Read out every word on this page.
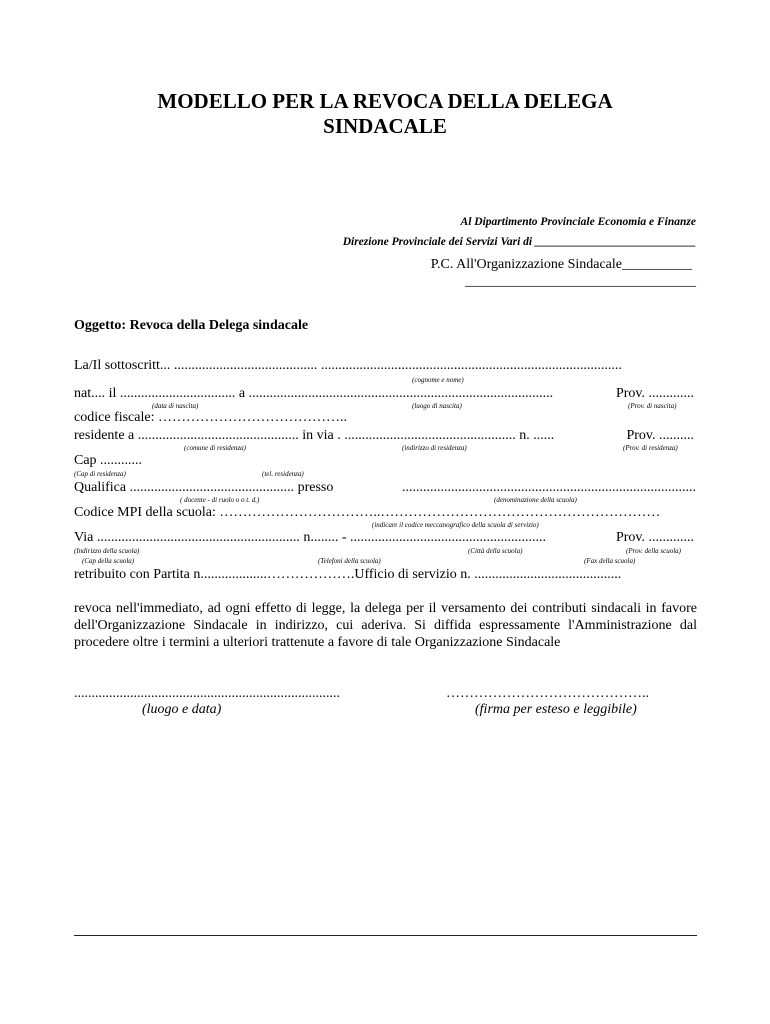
MODELLO PER LA REVOCA DELLA DELEGA
SINDACALE
Al Dipartimento Provinciale Economia e Finanze
Direzione Provinciale dei Servizi Vari di ____________________________
P.C. All'Organizzazione Sindacale__________
_________________________________
Oggetto: Revoca della Delega sindacale
La/Il sottoscritt... ......................................... ......................................................................................
(cognome e nome)
nat.... il ................................. a .......................................................................................	Prov. .............
(data di nascita)	(luogo di nascita)	(Prov. di nascita)
codice fiscale: …………………………………..
residente a .............................................. in via . ................................................. n. ......	Prov. ..........
(comune di residenza)	(indirizzo di residenza)	(Prov. di residenza)
Cap ............
(Cap di residenza)	(tel. residenza)
Qualifica ............................................... presso	....................................................................................
( docente - di ruolo o o t. d.)	(denominazione della scuola)
Codice MPI della scuola: ……………………………..……………………………………………………
(indicare il codice meccanografico della scuola di servizio)
Via .......................................................... n........ - ........................................................	Prov. .............
(Indirizzo della scuola)	(Città della scuola)	(Prov. della scuola)
(Cap della scuola)	(Telefoni della scuola)	(Fax della scuola)
retribuito con Partita n...................……………….Ufficio di servizio n. ..........................................
revoca nell'immediato, ad ogni effetto di legge, la delega per il versamento dei contributi sindacali in favore dell'Organizzazione Sindacale in indirizzo, cui aderiva. Si diffida espressamente l'Amministrazione dal procedere oltre i termini a ulteriori trattenute a favore di tale Organizzazione Sindacale
............................................................................
(luogo e data)
……………………………………..
(firma per esteso e leggibile)
